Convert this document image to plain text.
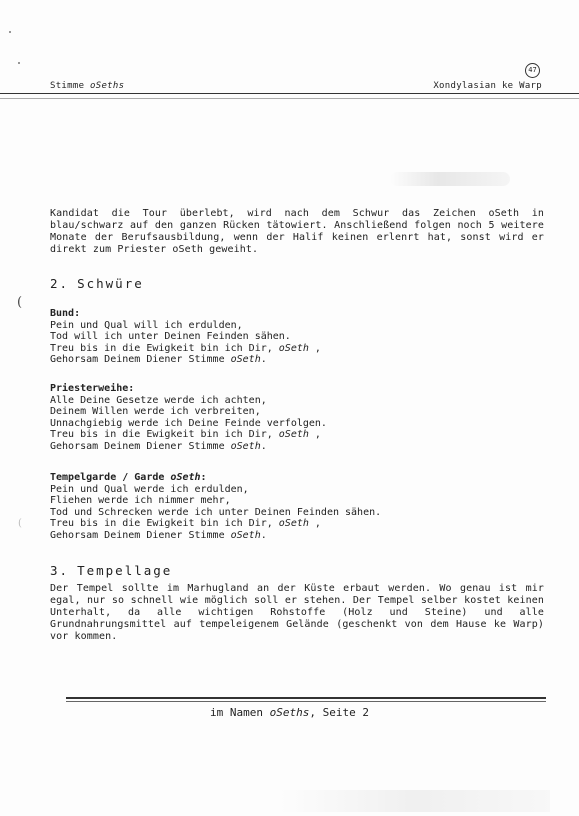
Stimme oSeths
47
Xondylasian ke Warp
Kandidat die Tour überlebt, wird nach dem Schwur das Zeichen oSeth in blau/schwarz auf den ganzen Rücken tätowiert. Anschließend folgen noch 5 weitere Monate der Berufsausbildung, wenn der Halif keinen erlenrt hat, sonst wird er direkt zum Priester oSeth geweiht.
(
(
2. Schwüre
Bund:
Pein und Qual will ich erdulden,
Tod will ich unter Deinen Feinden sähen.
Treu bis in die Ewigkeit bin ich Dir, oSeth ,
Gehorsam Deinem Diener Stimme oSeth.
Priesterweihe:
Alle Deine Gesetze werde ich achten,
Deinem Willen werde ich verbreiten,
Unnachgiebig werde ich Deine Feinde verfolgen.
Treu bis in die Ewigkeit bin ich Dir, oSeth ,
Gehorsam Deinem Diener Stimme oSeth.
Tempelgarde / Garde oSeth:
Pein und Qual werde ich erdulden,
Fliehen werde ich nimmer mehr,
Tod und Schrecken werde ich unter Deinen Feinden sähen.
Treu bis in die Ewigkeit bin ich Dir, oSeth ,
Gehorsam Deinem Diener Stimme oSeth.
3. Tempellage
Der Tempel sollte im Marhugland an der Küste erbaut werden. Wo genau ist mir egal, nur so schnell wie möglich soll er stehen. Der Tempel selber kostet keinen Unterhalt, da alle wichtigen Rohstoffe (Holz und Steine) und alle Grundnahrungsmittel auf tempeleigenem Gelände (geschenkt von dem Hause ke Warp) vor kommen.
im Namen oSeths, Seite 2
